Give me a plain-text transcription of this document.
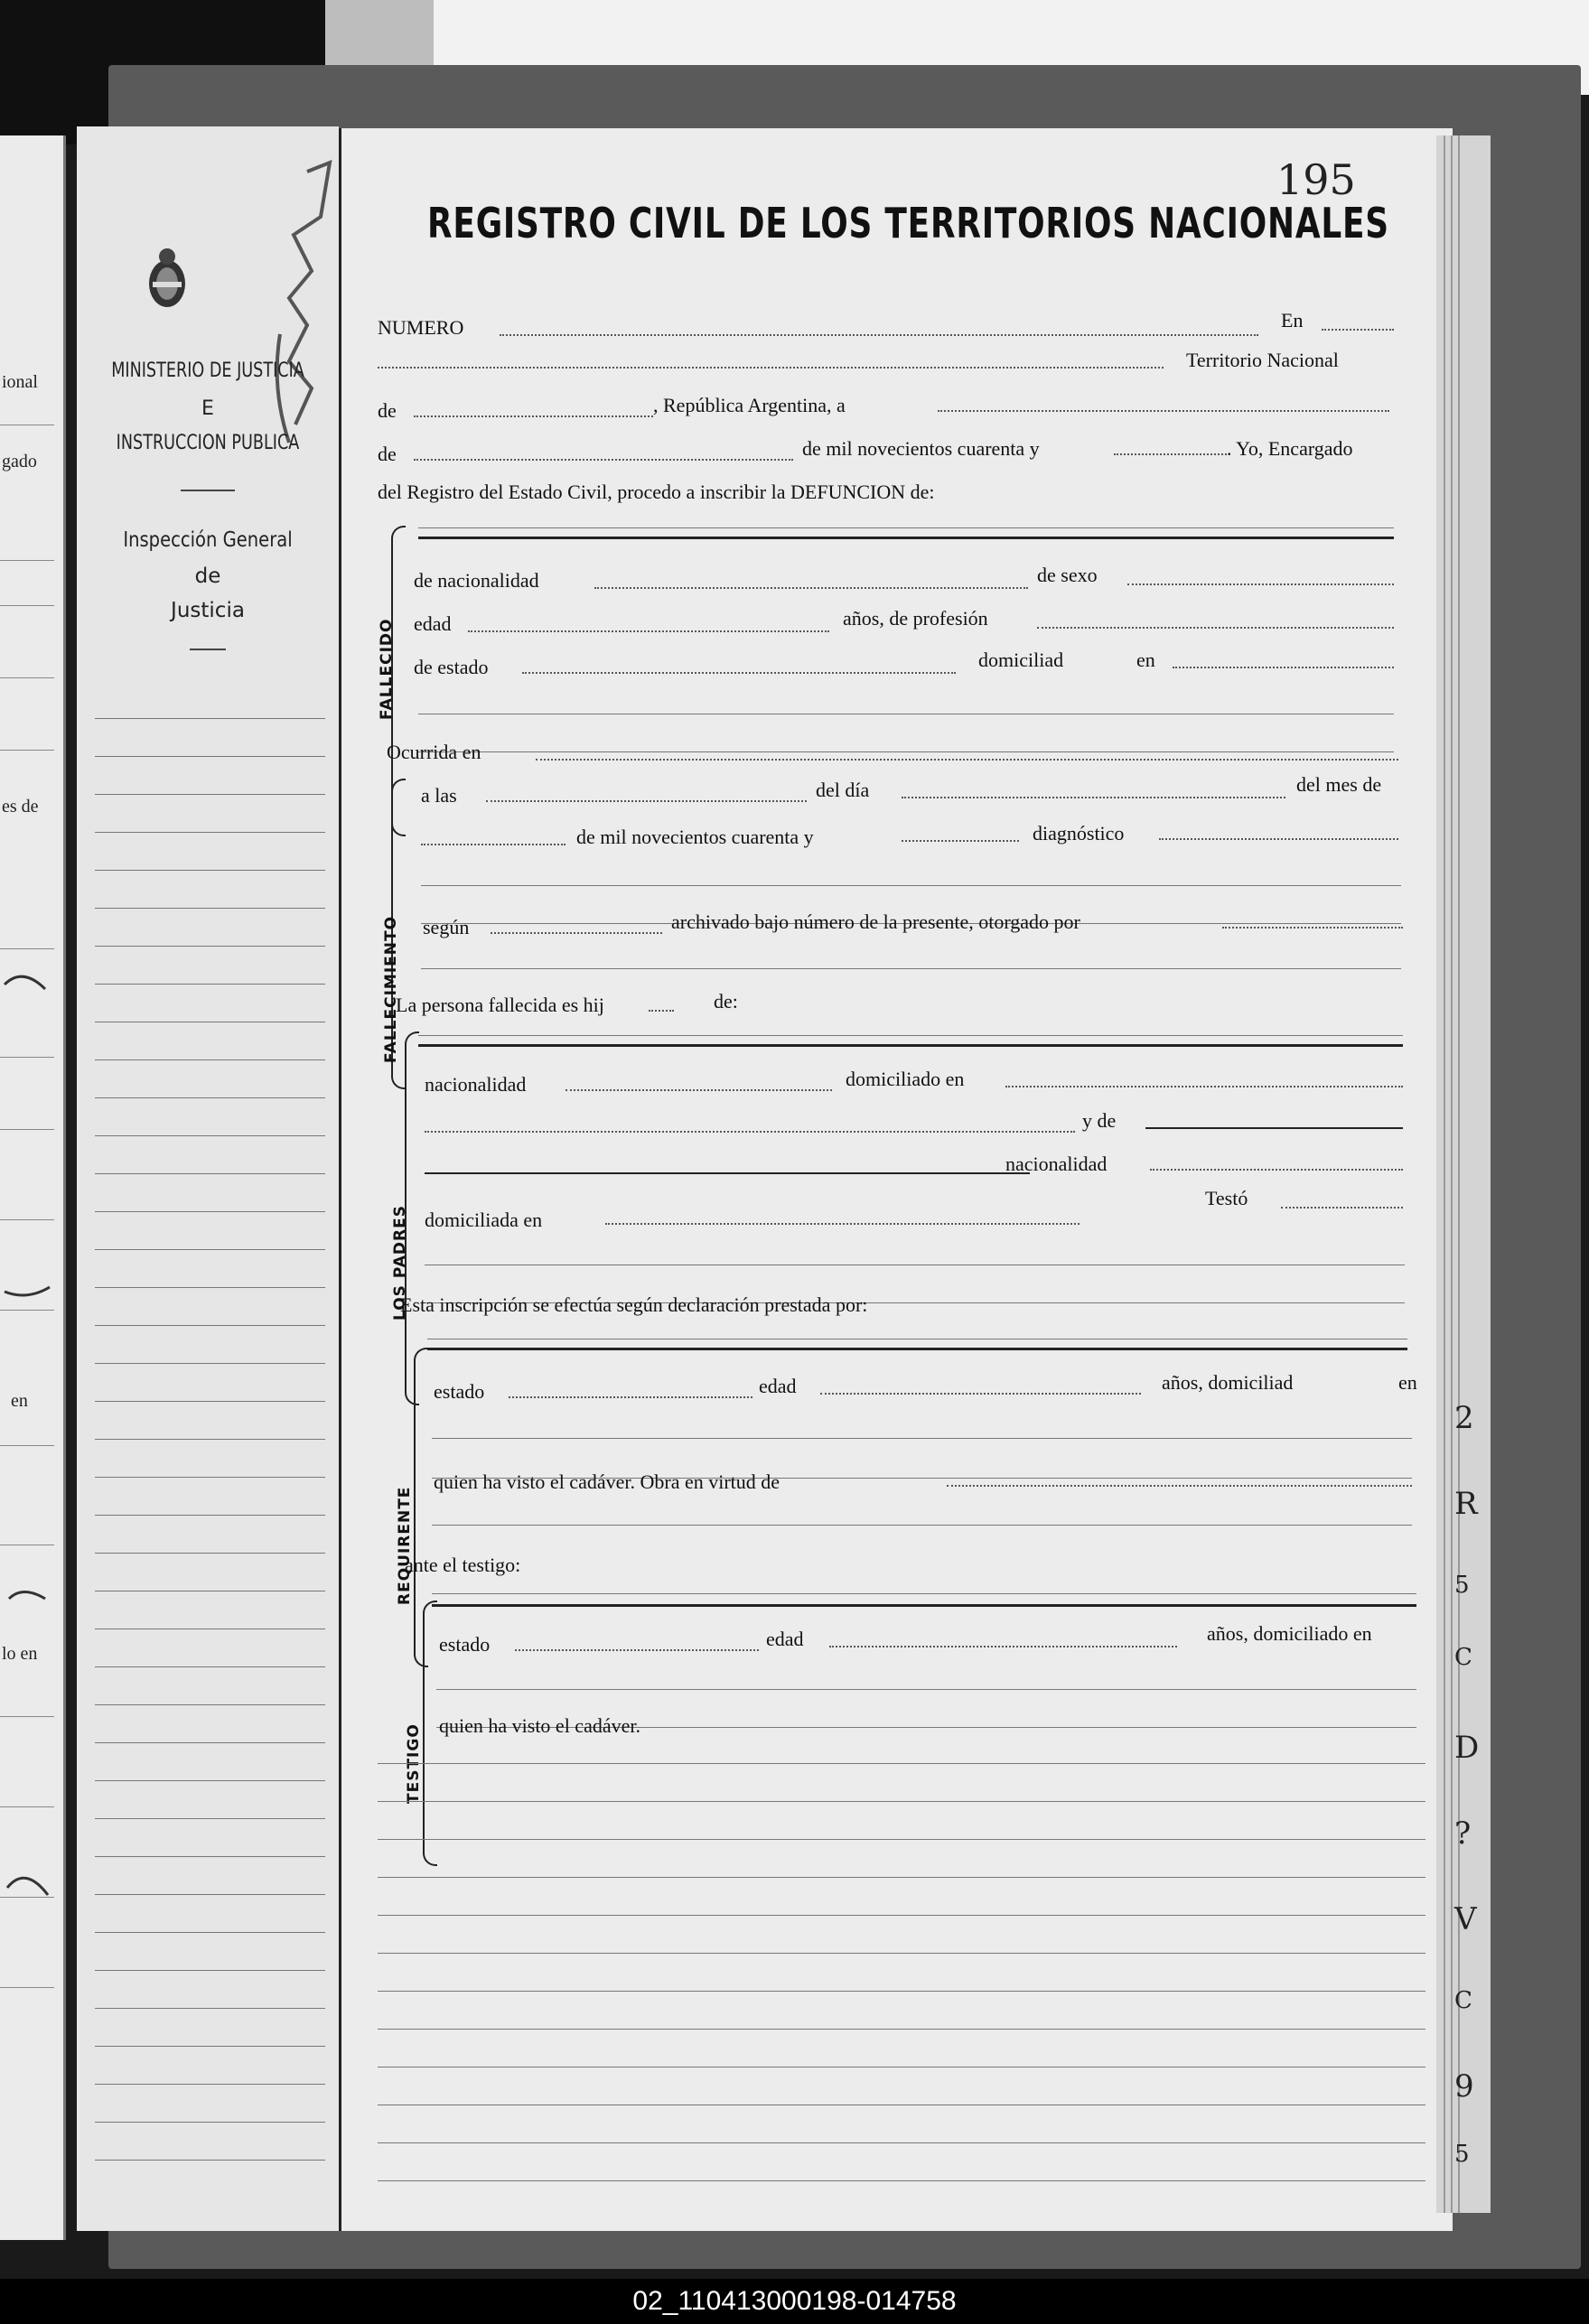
ional
gado
es de
en
lo en
MINISTERIO DE JUSTICIA
E
INSTRUCCION PUBLICA
Inspección General
de
Justicia
195
REGISTRO CIVIL DE LOS TERRITORIOS NACIONALES
NUMERO	En
Territorio Nacional
de	, República Argentina, a
de	de mil novecientos cuarenta y	. Yo, Encargado
del Registro del Estado Civil, procedo a inscribir la DEFUNCION de:
FALLECIDO
de nacionalidad	de sexo
edad	años, de profesión
de estado	domiciliad	en
Ocurrida en
FALLECIMIENTO
a las	del día	del mes de
de mil novecientos cuarenta y	diagnóstico
según	archivado bajo número de la presente, otorgado por
La persona fallecida es hij	de:
LOS PADRES
nacionalidad	domiciliado en
y de
nacionalidad
domiciliada en
Testó
Esta inscripción se efectúa según declaración prestada por:
REQUIRENTE
estado	edad	años, domiciliad	en
quien ha visto el cadáver. Obra en virtud de
ante el testigo:
TESTIGO
estado	edad	años, domiciliado en
quien ha visto el cadáver.
2
R
5
C
D
?
V
C
9
5
02_110413000198-014758
